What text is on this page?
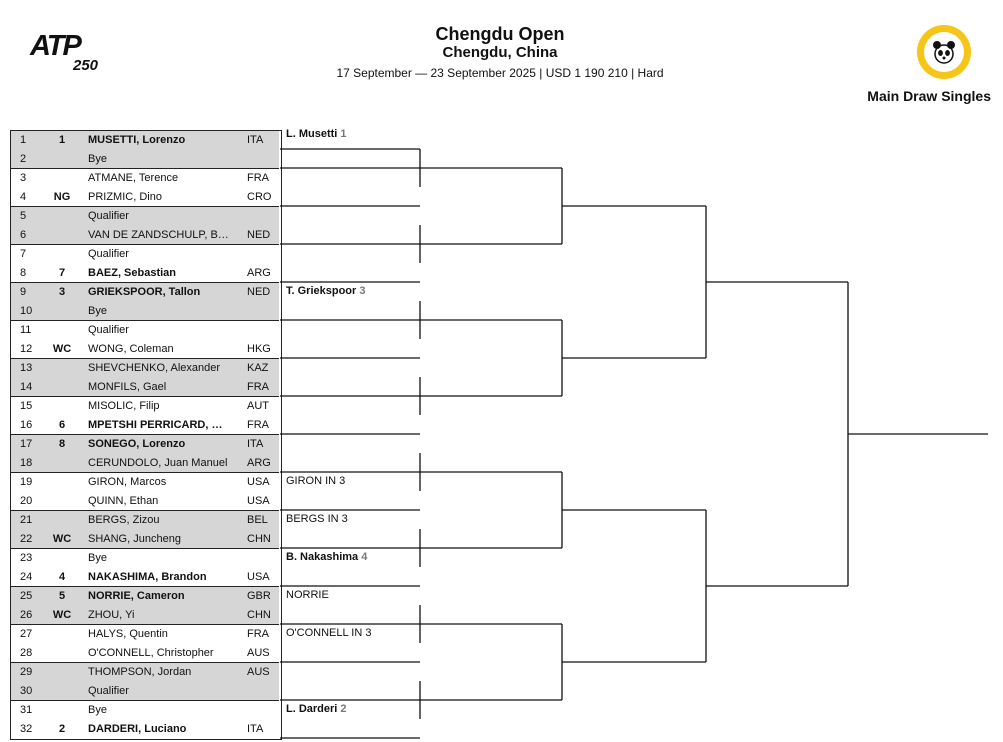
ATP
250
Chengdu Open
Chengdu, China
17 September — 23 September 2025 | USD 1 190 210 | Hard
Main Draw Singles
1	1	MUSETTI, Lorenzo	ITA
2	Bye
3	ATMANE, Terence	FRA
4	NG	PRIZMIC, Dino	CRO
5	Qualifier
6	VAN DE ZANDSCHULP, B…	NED
7	Qualifier
8	7	BAEZ, Sebastian	ARG
9	3	GRIEKSPOOR, Tallon	NED
10	Bye
11	Qualifier
12	WC	WONG, Coleman	HKG
13	SHEVCHENKO, Alexander	KAZ
14	MONFILS, Gael	FRA
15	MISOLIC, Filip	AUT
16	6	MPETSHI PERRICARD, …	FRA
17	8	SONEGO, Lorenzo	ITA
18	CERUNDOLO, Juan Manuel	ARG
19	GIRON, Marcos	USA
20	QUINN, Ethan	USA
21	BERGS, Zizou	BEL
22	WC	SHANG, Juncheng	CHN
23	Bye
24	4	NAKASHIMA, Brandon	USA
25	5	NORRIE, Cameron	GBR
26	WC	ZHOU, Yi	CHN
27	HALYS, Quentin	FRA
28	O'CONNELL, Christopher	AUS
29	THOMPSON, Jordan	AUS
30	Qualifier
31	Bye
32	2	DARDERI, Luciano	ITA
L. Musetti 1
T. Griekspoor 3
GIRON IN 3
BERGS IN 3
B. Nakashima 4
NORRIE
O'CONNELL IN 3
L. Darderi 2
